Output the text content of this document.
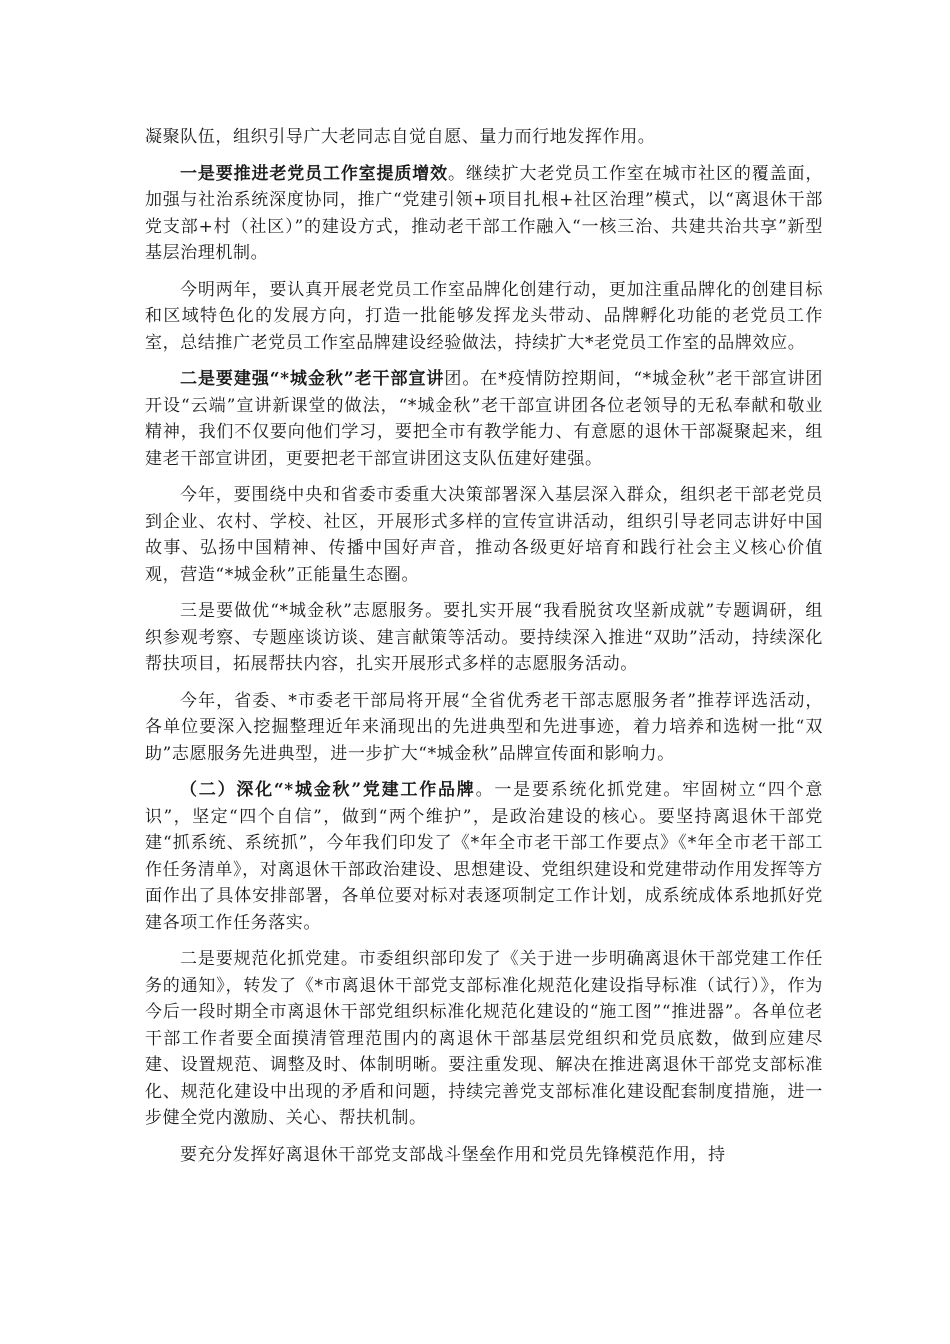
凝聚队伍，组织引导广大老同志自觉自愿、量力而行地发挥作用。

一是要推进老党员工作室提质增效。继续扩大老党员工作室在城市社区的覆盖面，加强与社治系统深度协同，推广“党建引领+项目扎根+社区治理”模式，以“离退休干部党支部+村（社区）”的建设方式，推动老干部工作融入“一核三治、共建共治共享”新型基层治理机制。

今明两年，要认真开展老党员工作室品牌化创建行动，更加注重品牌化的创建目标和区域特色化的发展方向，打造一批能够发挥龙头带动、品牌孵化功能的老党员工作室，总结推广老党员工作室品牌建设经验做法，持续扩大*老党员工作室的品牌效应。

二是要建强“*城金秋”老干部宣讲团。在*疫情防控期间，“*城金秋”老干部宣讲团开设“云端”宣讲新课堂的做法，“*城金秋”老干部宣讲团各位老领导的无私奉献和敬业精神，我们不仅要向他们学习，要把全市有教学能力、有意愿的退休干部凝聚起来，组建老干部宣讲团，更要把老干部宣讲团这支队伍建好建强。

今年，要围绕中央和省委市委重大决策部署深入基层深入群众，组织老干部老党员到企业、农村、学校、社区，开展形式多样的宣传宣讲活动，组织引导老同志讲好中国故事、弘扬中国精神、传播中国好声音，推动各级更好培育和践行社会主义核心价值观，营造“*城金秋”正能量生态圈。

三是要做优“*城金秋”志愿服务。要扎实开展“我看脱贫攻坚新成就”专题调研，组织参观考察、专题座谈访谈、建言献策等活动。要持续深入推进“双助”活动，持续深化帮扶项目，拓展帮扶内容，扎实开展形式多样的志愿服务活动。

今年，省委、*市委老干部局将开展“全省优秀老干部志愿服务者”推荐评选活动，各单位要深入挖掘整理近年来涌现出的先进典型和先进事迹，着力培养和选树一批“双助”志愿服务先进典型，进一步扩大“*城金秋”品牌宣传面和影响力。

（二）深化“*城金秋”党建工作品牌。一是要系统化抓党建。牢固树立“四个意识”，坚定“四个自信”，做到“两个维护”，是政治建设的核心。要坚持离退休干部党建“抓系统、系统抓”，今年我们印发了《*年全市老干部工作要点》《*年全市老干部工作任务清单》，对离退休干部政治建设、思想建设、党组织建设和党建带动作用发挥等方面作出了具体安排部署，各单位要对标对表逐项制定工作计划，成系统成体系地抓好党建各项工作任务落实。

二是要规范化抓党建。市委组织部印发了《关于进一步明确离退休干部党建工作任务的通知》，转发了《*市离退休干部党支部标准化规范化建设指导标准（试行）》，作为今后一段时期全市离退休干部党组织标准化规范化建设的“施工图”“推进器”。各单位老干部工作者要全面摸清管理范围内的离退休干部基层党组织和党员底数，做到应建尽建、设置规范、调整及时、体制明晰。要注重发现、解决在推进离退休干部党支部标准化、规范化建设中出现的矛盾和问题，持续完善党支部标准化建设配套制度措施，进一步健全党内激励、关心、帮扶机制。

要充分发挥好离退休干部党支部战斗堡垒作用和党员先锋模范作用，持
